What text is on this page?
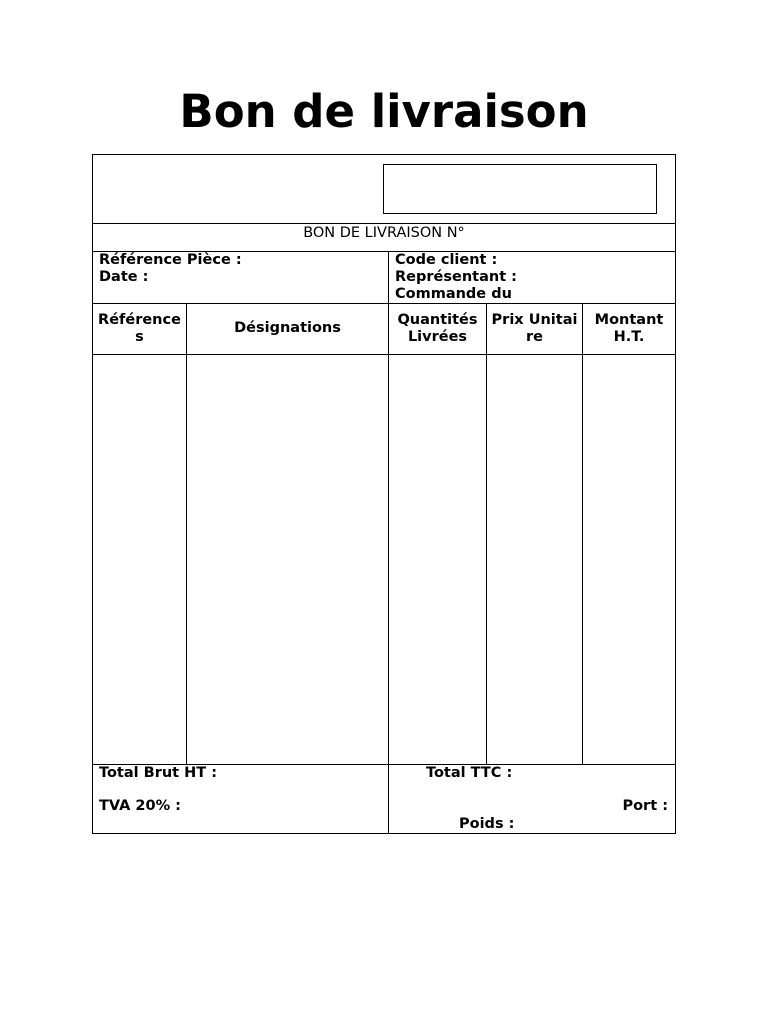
Bon de livraison
BON DE LIVRAISON N°
Référence Pièce :
Date :
Code client :
Représentant :
Commande du
Références
Désignations
Quantités Livrées
Prix Unitaire
Montant H.T.
Total Brut HT :
TVA 20% :
Total TTC :
Port :
Poids :
